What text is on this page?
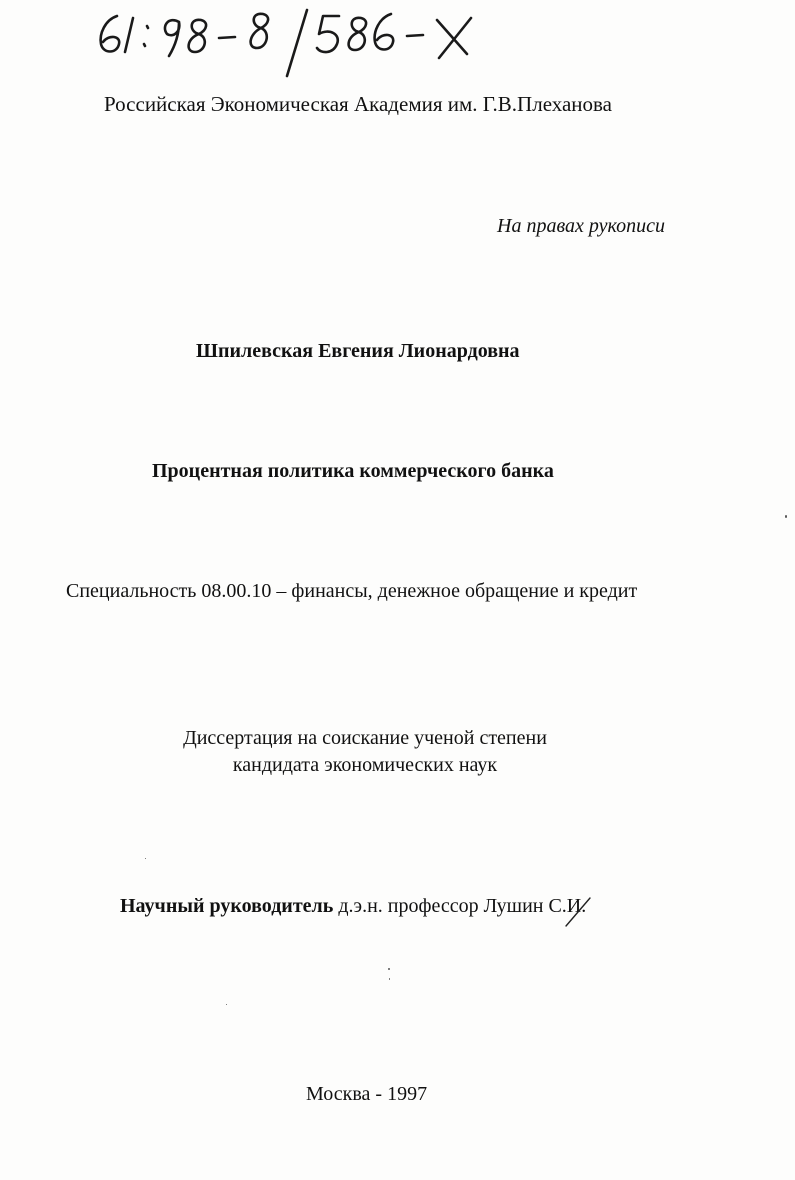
Российская Экономическая Академия им. Г.В.Плеханова
На правах рукописи
Шпилевская Евгения Лионардовна
Процентная политика коммерческого банка
Специальность 08.00.10 – финансы, денежное обращение и кредит
Диссертация на соискание ученой степени
кандидата экономических наук
Научный руководитель д.э.н. профессор Лушин С.И.
Москва - 1997
